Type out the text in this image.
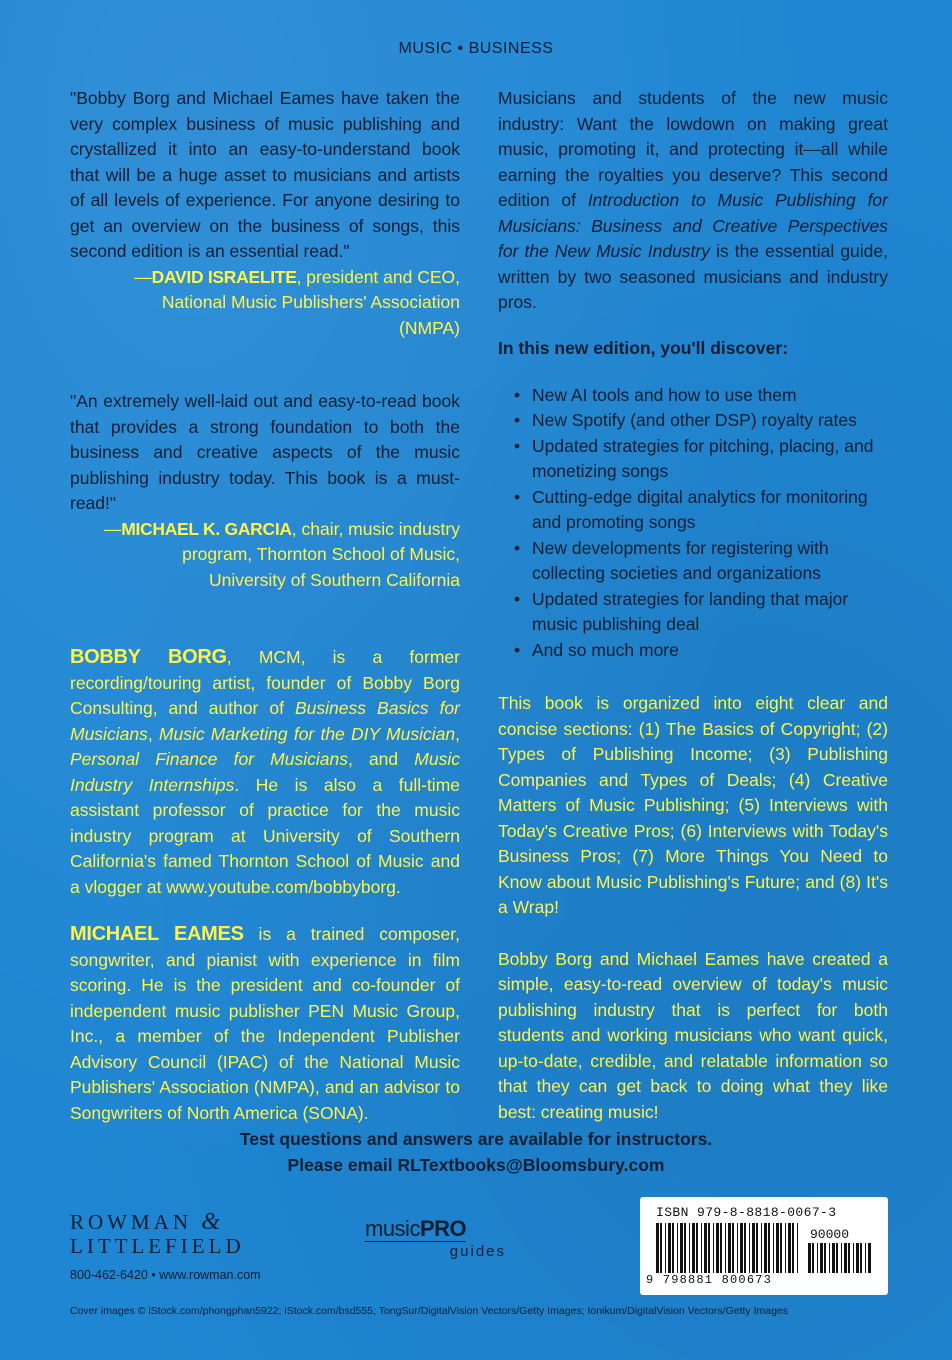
MUSIC • BUSINESS

"Bobby Borg and Michael Eames have taken the very complex business of music publishing and crystallized it into an easy-to-understand book that will be a huge asset to musicians and artists of all levels of experience. For anyone desiring to get an overview on the business of songs, this second edition is an essential read."

—DAVID ISRAELITE, president and CEO,
National Music Publishers' Association
(NMPA)

"An extremely well-laid out and easy-to-read book that provides a strong foundation to both the business and creative aspects of the music publishing industry today. This book is a must-read!"

—MICHAEL K. GARCIA, chair, music industry
program, Thornton School of Music,
University of Southern California

BOBBY BORG, MCM, is a former recording/touring artist, founder of Bobby Borg Consulting, and author of Business Basics for Musicians, Music Marketing for the DIY Musician, Personal Finance for Musicians, and Music Industry Internships. He is also a full-time assistant professor of practice for the music industry program at University of Southern California's famed Thornton School of Music and a vlogger at www.youtube.com/bobbyborg.

MICHAEL EAMES is a trained composer, songwriter, and pianist with experience in film scoring. He is the president and co-founder of independent music publisher PEN Music Group, Inc., a member of the Independent Publisher Advisory Council (IPAC) of the National Music Publishers' Association (NMPA), and an advisor to Songwriters of North America (SONA).

Musicians and students of the new music industry: Want the lowdown on making great music, promoting it, and protecting it—all while earning the royalties you deserve? This second edition of Introduction to Music Publishing for Musicians: Business and Creative Perspectives for the New Music Industry is the essential guide, written by two seasoned musicians and industry pros.

In this new edition, you'll discover:
• New AI tools and how to use them
• New Spotify (and other DSP) royalty rates
• Updated strategies for pitching, placing, and monetizing songs
• Cutting-edge digital analytics for monitoring and promoting songs
• New developments for registering with collecting societies and organizations
• Updated strategies for landing that major music publishing deal
• And so much more

This book is organized into eight clear and concise sections: (1) The Basics of Copyright; (2) Types of Publishing Income; (3) Publishing Companies and Types of Deals; (4) Creative Matters of Music Publishing; (5) Interviews with Today's Creative Pros; (6) Interviews with Today's Business Pros; (7) More Things You Need to Know about Music Publishing's Future; and (8) It's a Wrap!

Bobby Borg and Michael Eames have created a simple, easy-to-read overview of today's music publishing industry that is perfect for both students and working musicians who want quick, up-to-date, credible, and relatable information so that they can get back to doing what they like best: creating music!

Test questions and answers are available for instructors.
Please email RLTextbooks@Bloomsbury.com
ROWMAN &
LITTLEFIELD
800-462-6420 • www.rowman.com
musicPRO
guides
ISBN 979-8-8818-0067-3
90000
9 798881 800673
Cover images © iStock.com/phongphan5922; iStock.com/bsd555; TongSur/DigitalVision Vectors/Getty Images; Ionikum/DigitalVision Vectors/Getty Images
